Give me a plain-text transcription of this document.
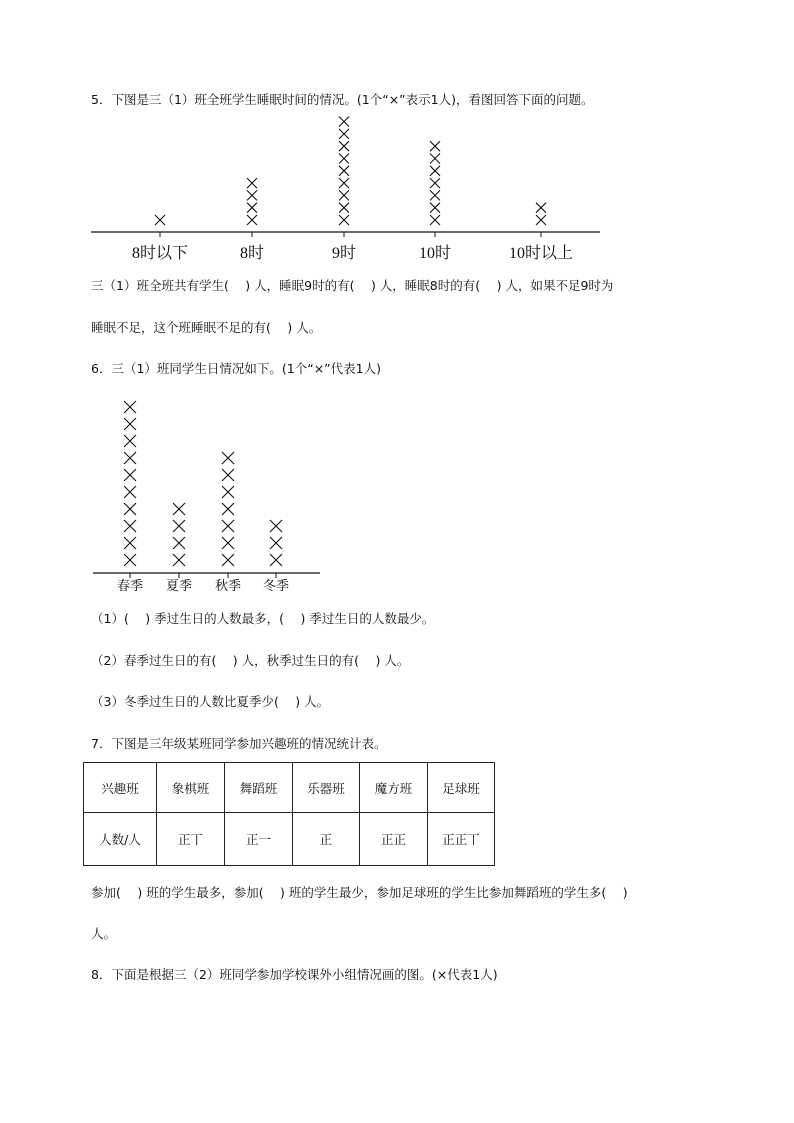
5．下图是三（1）班全班学生睡眠时间的情况。(1个“×”表示1人)，看图回答下面的问题。
8时以下	8时	9时	10时	10时以上
三（1）班全班共有学生(　 ) 人，睡眠9时的有(　 ) 人，睡眠8时的有(　 ) 人，如果不足9时为
睡眠不足，这个班睡眠不足的有(　 ) 人。
6．三（1）班同学生日情况如下。(1个“×”代表1人)
春季 夏季 秋季 冬季
（1）(　 ) 季过生日的人数最多，(　 ) 季过生日的人数最少。
（2）春季过生日的有(　 ) 人，秋季过生日的有(　 ) 人。
（3）冬季过生日的人数比夏季少(　 ) 人。
7．下图是三年级某班同学参加兴趣班的情况统计表。
兴趣班	象棋班	舞蹈班	乐器班	魔方班	足球班
人数/人	正丅	正一	正	正正	正正丅
参加(　 ) 班的学生最多，参加(　 ) 班的学生最少，参加足球班的学生比参加舞蹈班的学生多(　 )
人。
8．下面是根据三（2）班同学参加学校课外小组情况画的图。(×代表1人)
